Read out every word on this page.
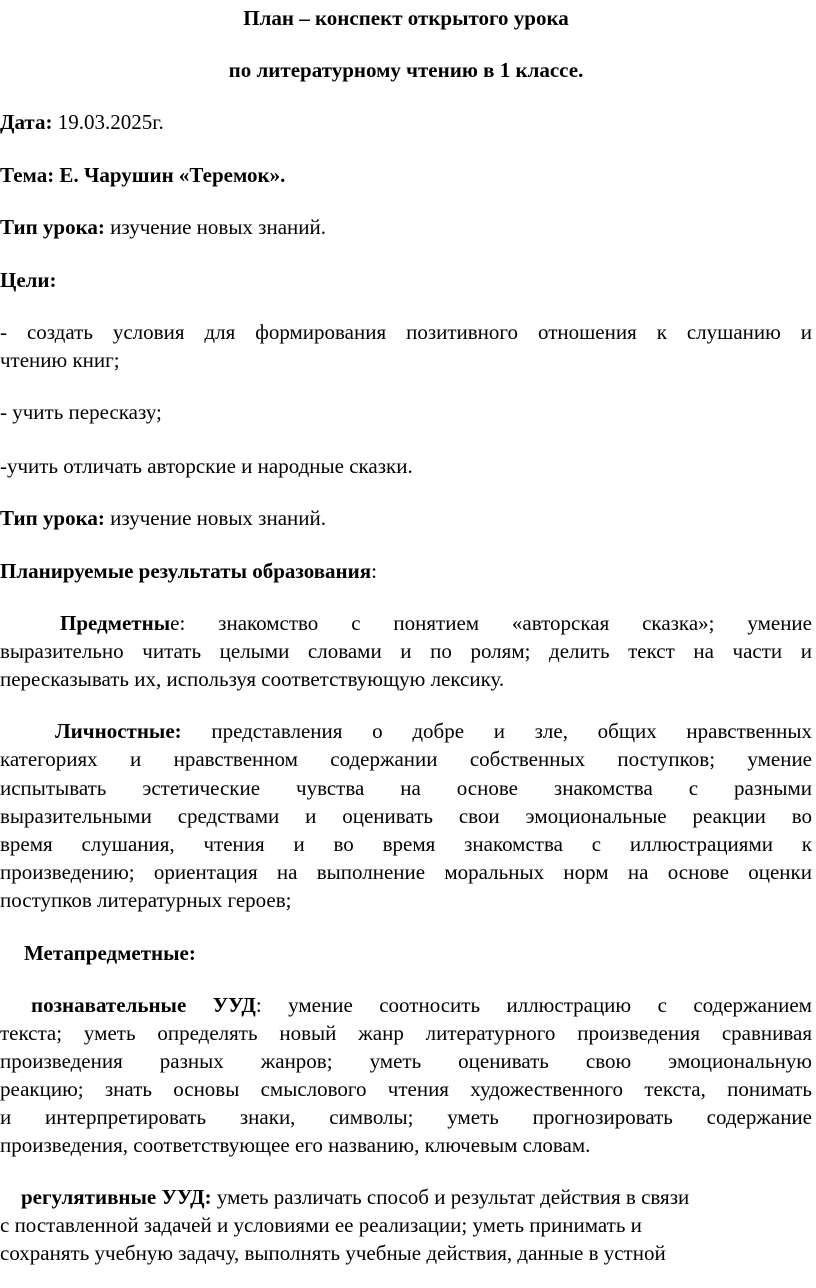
План – конспект открытого урока
по литературному чтению в 1 классе.
Дата: 19.03.2025г.
Тема: Е. Чарушин «Теремок».
Тип урока: изучение новых знаний.
Цели:
- создать условия для формирования позитивного отношения к слушанию и
чтению книг;
- учить пересказу;
-учить отличать авторские и народные сказки.
Тип урока: изучение новых знаний.
Планируемые результаты образования:
Предметные: знакомство с понятием «авторская сказка»; умение
выразительно читать целыми словами и по ролям; делить текст на части и
пересказывать их, используя соответствующую лексику.
Личностные: представления о добре и зле, общих нравственных
категориях и нравственном содержании собственных поступков; умение
испытывать эстетические чувства на основе знакомства с разными
выразительными средствами и оценивать свои эмоциональные реакции во
время слушания, чтения и во время знакомства с иллюстрациями к
произведению; ориентация на выполнение моральных норм на основе оценки
поступков литературных героев;
Метапредметные:
познавательные УУД: умение соотносить иллюстрацию с содержанием
текста; уметь определять новый жанр литературного произведения сравнивая
произведения разных жанров; уметь оценивать свою эмоциональную
реакцию; знать основы смыслового чтения художественного текста, понимать
и интерпретировать знаки, символы; уметь прогнозировать содержание
произведения, соответствующее его названию, ключевым словам.
регулятивные УУД: уметь различать способ и результат действия в связи
с поставленной задачей и условиями ее реализации; уметь принимать и
сохранять учебную задачу, выполнять учебные действия, данные в устной
